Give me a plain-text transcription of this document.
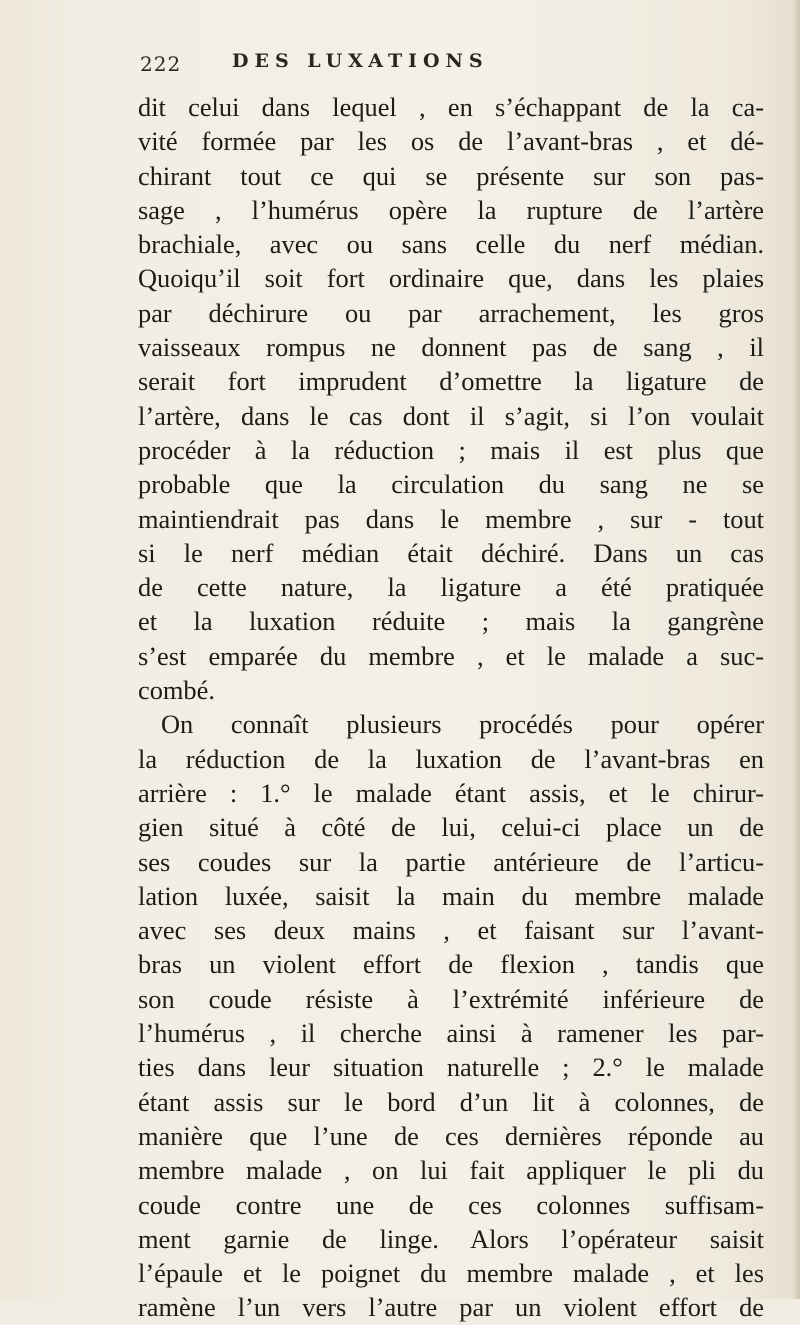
222	DES LUXATIONS
dit celui dans lequel , en s’échappant de la ca-
vité formée par les os de l’avant-bras , et dé-
chirant tout ce qui se présente sur son pas-
sage , l’humérus opère la rupture de l’artère
brachiale, avec ou sans celle du nerf médian.
Quoiqu’il soit fort ordinaire que, dans les plaies
par déchirure ou par arrachement, les gros
vaisseaux rompus ne donnent pas de sang , il
serait fort imprudent d’omettre la ligature de
l’artère, dans le cas dont il s’agit, si l’on voulait
procéder à la réduction ; mais il est plus que
probable que la circulation du sang ne se
maintiendrait pas dans le membre , sur - tout
si le nerf médian était déchiré. Dans un cas
de cette nature, la ligature a été pratiquée
et la luxation réduite ; mais la gangrène
s’est emparée du membre , et le malade a suc-
combé.
On connaît plusieurs procédés pour opérer
la réduction de la luxation de l’avant-bras en
arrière : 1.° le malade étant assis, et le chirur-
gien situé à côté de lui, celui-ci place un de
ses coudes sur la partie antérieure de l’articu-
lation luxée, saisit la main du membre malade
avec ses deux mains , et faisant sur l’avant-
bras un violent effort de flexion , tandis que
son coude résiste à l’extrémité inférieure de
l’humérus , il cherche ainsi à ramener les par-
ties dans leur situation naturelle ; 2.° le malade
étant assis sur le bord d’un lit à colonnes, de
manière que l’une de ces dernières réponde au
membre malade , on lui fait appliquer le pli du
coude contre une de ces colonnes suffisam-
ment garnie de linge. Alors l’opérateur saisit
l’épaule et le poignet du membre malade , et les
ramène l’un vers l’autre par un violent effort de
